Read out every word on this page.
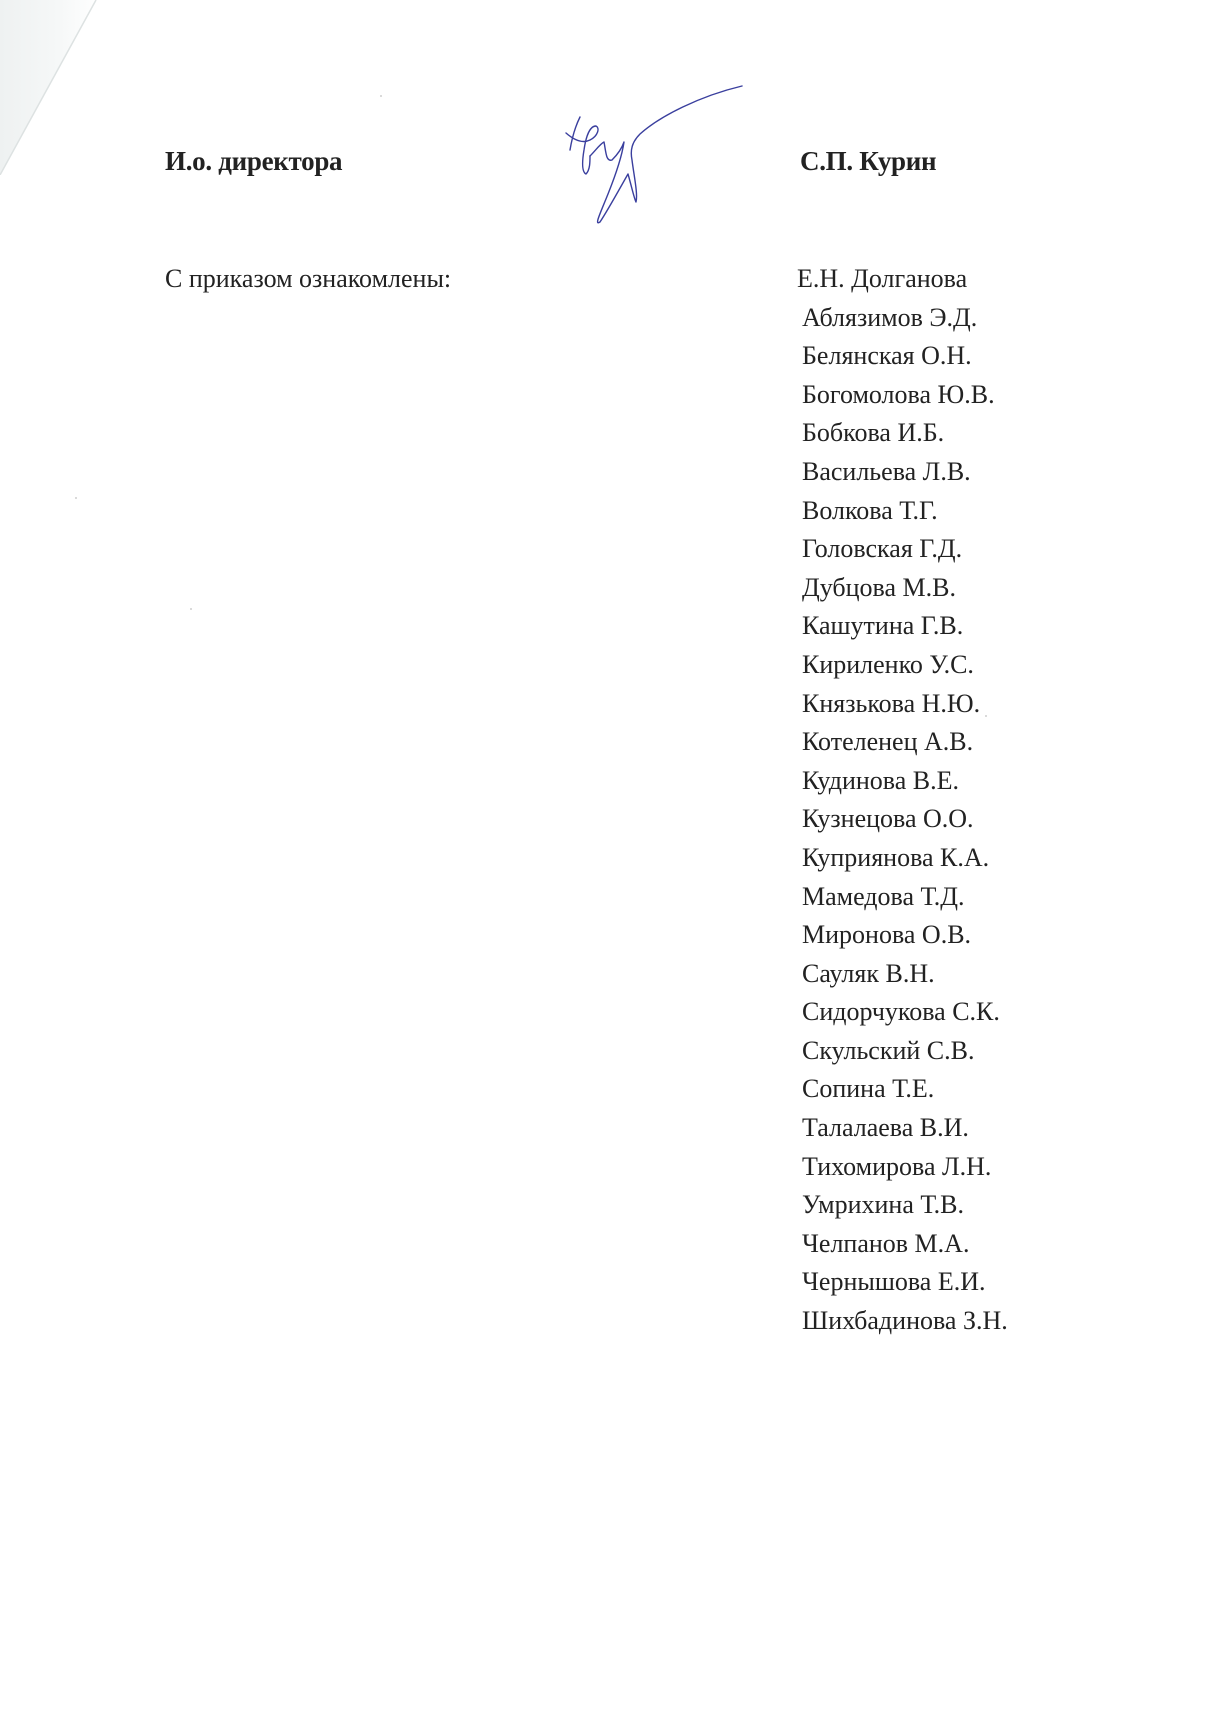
И.о. директора	С.П. Курин
С приказом ознакомлены:	Е.Н. Долганова
Аблязимов Э.Д.
Белянская О.Н.
Богомолова Ю.В.
Бобкова И.Б.
Васильева Л.В.
Волкова Т.Г.
Головская Г.Д.
Дубцова М.В.
Кашутина Г.В.
Кириленко У.С.
Князькова Н.Ю.
Котеленец А.В.
Кудинова В.Е.
Кузнецова О.О.
Куприянова К.А.
Мамедова Т.Д.
Миронова О.В.
Сауляк В.Н.
Сидорчукова С.К.
Скульский С.В.
Сопина Т.Е.
Талалаева В.И.
Тихомирова Л.Н.
Умрихина Т.В.
Челпанов М.А.
Чернышова Е.И.
Шихбадинова З.Н.
